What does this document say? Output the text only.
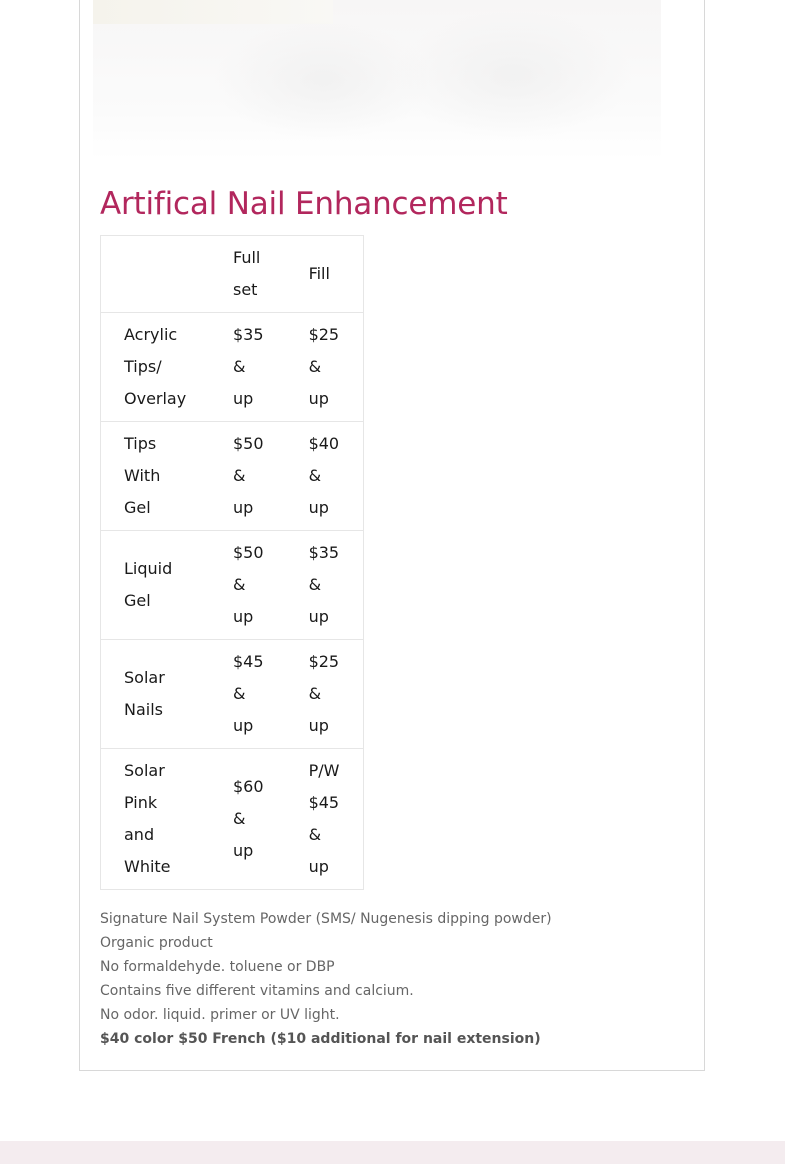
Artifical Nail Enhancement
	Full set	Fill
Acrylic Tips/ Overlay	$35 & up	$25 & up
Tips With Gel	$50 & up	$40 & up
Liquid Gel	$50 & up	$35 & up
Solar Nails	$45 & up	$25 & up
Solar Pink and White	$60 & up	P/W $45 & up
Signature Nail System Powder (SMS/ Nugenesis dipping powder)
Organic product
No formaldehyde. toluene or DBP
Contains five different vitamins and calcium.
No odor. liquid. primer or UV light.
$40 color $50 French ($10 additional for nail extension)
